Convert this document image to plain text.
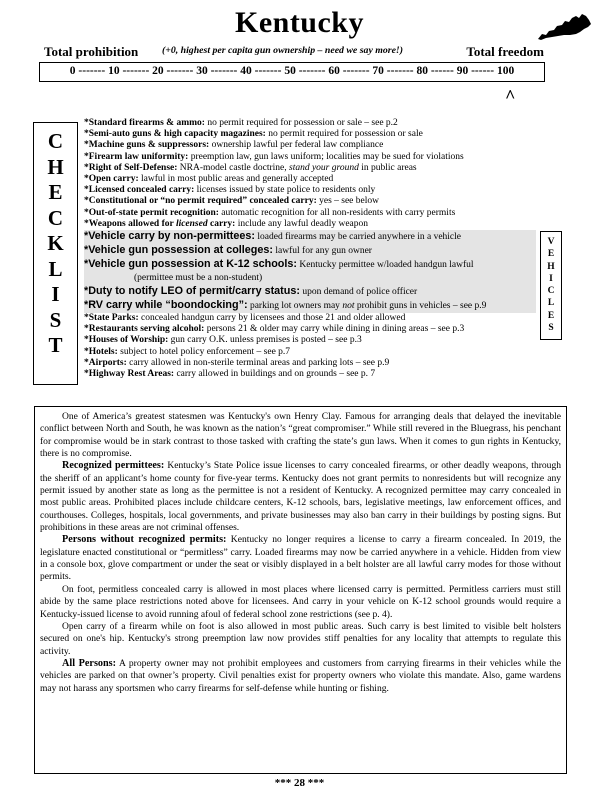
Kentucky
Total prohibition (+0, highest per capita gun ownership – need we say more!)	Total freedom
0 ------- 10 ------- 20 ------- 30 ------- 40 ------- 50 ------- 60 ------- 70 ------- 80 ------ 90 ------ 100
^
C
H
E
C
K
L
I
S
T
V
E
H
I
C
L
E
S
*Standard firearms & ammo: no permit required for possession or sale – see p.2
*Semi-auto guns & high capacity magazines: no permit required for possession or sale
*Machine guns & suppressors: ownership lawful per federal law compliance
*Firearm law uniformity: preemption law, gun laws uniform; localities may be sued for violations
*Right of Self-Defense: NRA-model castle doctrine, stand your ground in public areas
*Open carry: lawful in most public areas and generally accepted
*Licensed concealed carry: licenses issued by state police to residents only
*Constitutional or “no permit required” concealed carry: yes – see below
*Out-of-state permit recognition: automatic recognition for all non-residents with carry permits
*Weapons allowed for licensed carry: include any lawful deadly weapon
*Vehicle carry by non-permittees: loaded firearms may be carried anywhere in a vehicle
*Vehicle gun possession at colleges: lawful for any gun owner
*Vehicle gun possession at K-12 schools: Kentucky permittee w/loaded handgun lawful
(permittee must be a non-student)
*Duty to notify LEO of permit/carry status: upon demand of police officer
*RV carry while “boondocking”: parking lot owners may not prohibit guns in vehicles – see p.9
*State Parks: concealed handgun carry by licensees and those 21 and older allowed
*Restaurants serving alcohol: persons 21 & older may carry while dining in dining areas – see p.3
*Houses of Worship: gun carry O.K. unless premises is posted – see p.3
*Hotels: subject to hotel policy enforcement – see p.7
*Airports: carry allowed in non-sterile terminal areas and parking lots – see p.9
*Highway Rest Areas: carry allowed in buildings and on grounds – see p. 7

One of America’s greatest statesmen was Kentucky's own Henry Clay. Famous for arranging deals that delayed the inevitable conflict between North and South, he was known as the nation’s “great compromiser.” While still revered in the Bluegrass, his penchant for compromise would be in stark contrast to those tasked with crafting the state’s gun laws. When it comes to gun rights in Kentucky, there is no compromise.

Recognized permittees: Kentucky’s State Police issue licenses to carry concealed firearms, or other deadly weapons, through the sheriff of an applicant’s home county for five-year terms. Kentucky does not grant permits to nonresidents but will recognize any permit issued by another state as long as the permittee is not a resident of Kentucky. A recognized permittee may carry concealed in most public areas. Prohibited places include childcare centers, K-12 schools, bars, legislative meetings, law enforcement offices, and courthouses. Colleges, hospitals, local governments, and private businesses may also ban carry in their buildings by posting signs. But prohibitions in these areas are not criminal offenses.

Persons without recognized permits: Kentucky no longer requires a license to carry a firearm concealed. In 2019, the legislature enacted constitutional or “permitless” carry. Loaded firearms may now be carried anywhere in a vehicle. Hidden from view in a console box, glove compartment or under the seat or visibly displayed in a belt holster are all lawful carry modes for those without permits.

On foot, permitless concealed carry is allowed in most places where licensed carry is permitted. Permitless carriers must still abide by the same place restrictions noted above for licensees. And carry in your vehicle on K-12 school grounds would require a Kentucky-issued license to avoid running afoul of federal school zone restrictions (see p. 4).

Open carry of a firearm while on foot is also allowed in most public areas. Such carry is best limited to visible belt holsters secured on one's hip. Kentucky's strong preemption law now provides stiff penalties for any locality that attempts to regulate this activity.

All Persons: A property owner may not prohibit employees and customers from carrying firearms in their vehicles while the vehicles are parked on that owner’s property. Civil penalties exist for property owners who violate this mandate. Also, game wardens may not harass any sportsmen who carry firearms for self-defense while hunting or fishing.

*** 28 ***
